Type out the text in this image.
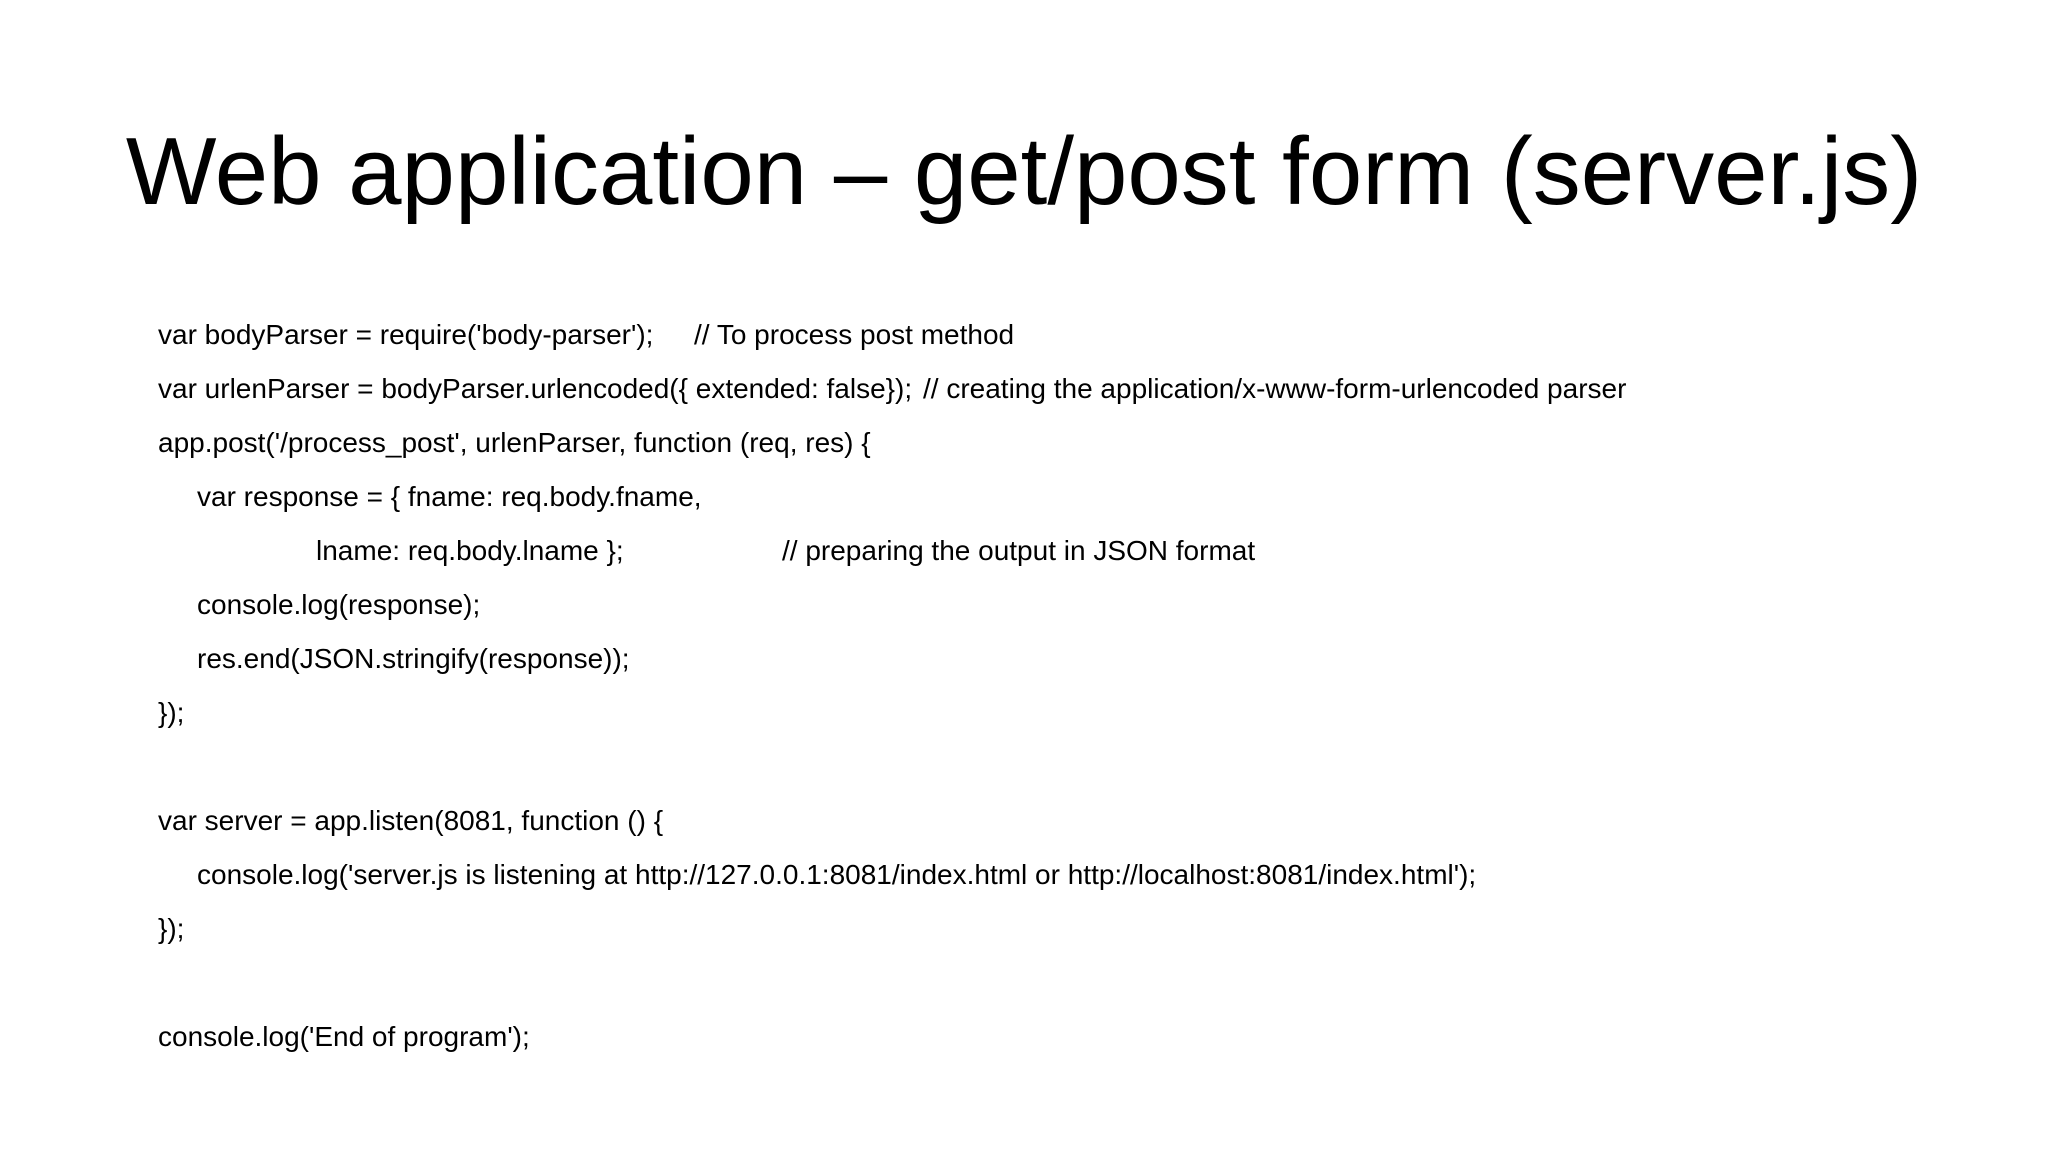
Web application – get/post form (server.js)
var bodyParser = require('body-parser'); // To process post method
var urlenParser = bodyParser.urlencoded({ extended: false}); // creating the application/x-www-form-urlencoded parser
app.post('/process_post', urlenParser, function (req, res) {
var response = { fname: req.body.fname,
lname: req.body.lname };	// preparing the output in JSON format
console.log(response);
res.end(JSON.stringify(response));
});
var server = app.listen(8081, function () {
console.log('server.js is listening at http://127.0.0.1:8081/index.html or http://localhost:8081/index.html');
});
console.log('End of program');
